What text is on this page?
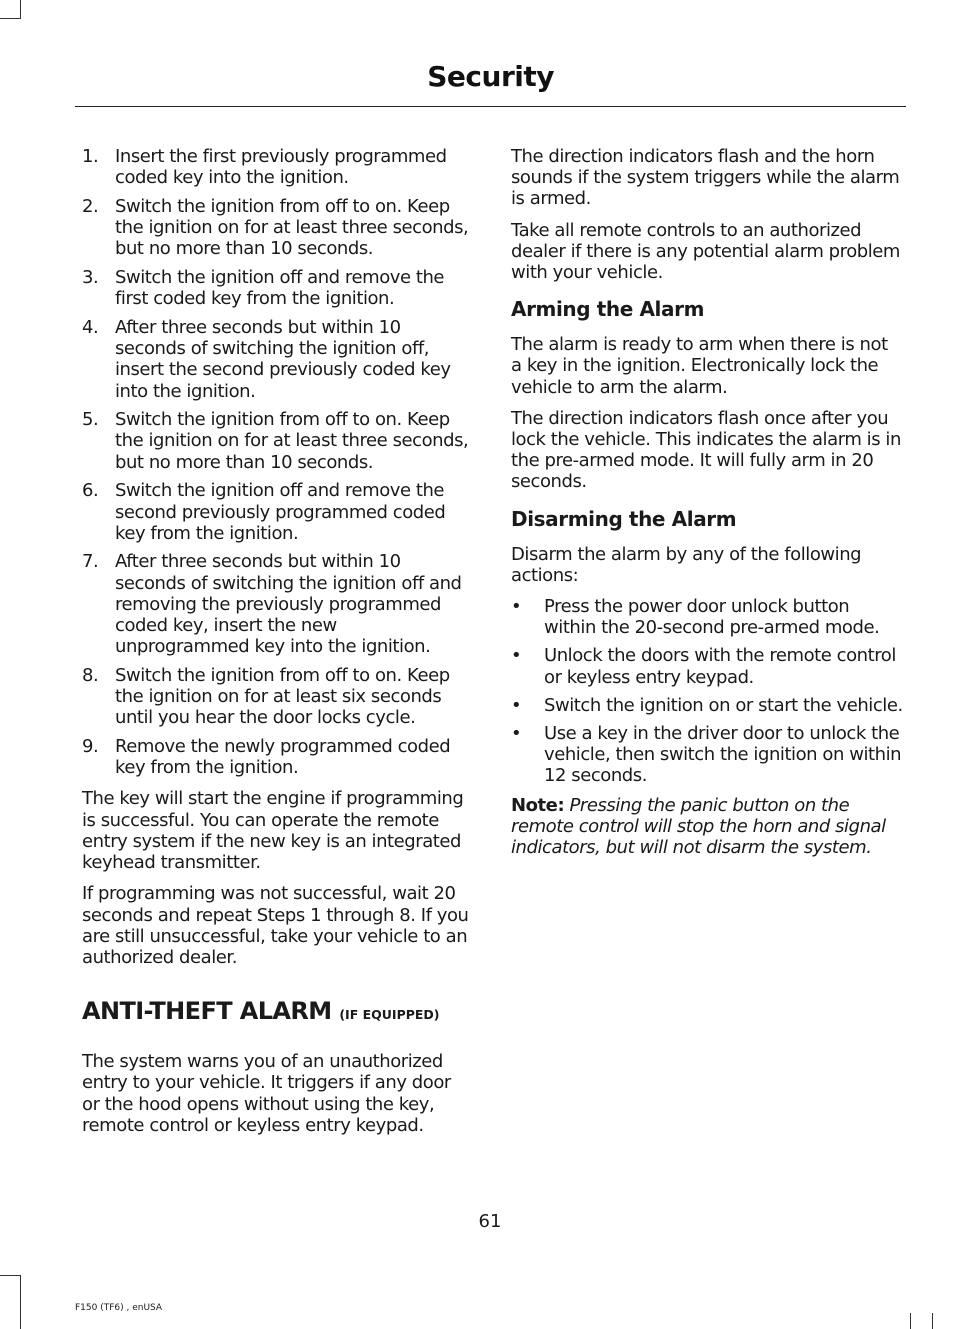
Security
1. Insert the first previously programmed coded key into the ignition.
2. Switch the ignition from off to on. Keep the ignition on for at least three seconds, but no more than 10 seconds.
3. Switch the ignition off and remove the first coded key from the ignition.
4. After three seconds but within 10 seconds of switching the ignition off, insert the second previously coded key into the ignition.
5. Switch the ignition from off to on. Keep the ignition on for at least three seconds, but no more than 10 seconds.
6. Switch the ignition off and remove the second previously programmed coded key from the ignition.
7. After three seconds but within 10 seconds of switching the ignition off and removing the previously programmed coded key, insert the new unprogrammed key into the ignition.
8. Switch the ignition from off to on. Keep the ignition on for at least six seconds until you hear the door locks cycle.
9. Remove the newly programmed coded key from the ignition.

The key will start the engine if programming is successful. You can operate the remote entry system if the new key is an integrated keyhead transmitter.

If programming was not successful, wait 20 seconds and repeat Steps 1 through 8. If you are still unsuccessful, take your vehicle to an authorized dealer.

ANTI-THEFT ALARM (IF EQUIPPED)

The system warns you of an unauthorized entry to your vehicle. It triggers if any door or the hood opens without using the key, remote control or keyless entry keypad.

The direction indicators flash and the horn sounds if the system triggers while the alarm is armed.

Take all remote controls to an authorized dealer if there is any potential alarm problem with your vehicle.

Arming the Alarm

The alarm is ready to arm when there is not a key in the ignition. Electronically lock the vehicle to arm the alarm.

The direction indicators flash once after you lock the vehicle. This indicates the alarm is in the pre-armed mode. It will fully arm in 20 seconds.

Disarming the Alarm

Disarm the alarm by any of the following actions:

•	Press the power door unlock button within the 20-second pre-armed mode.
•	Unlock the doors with the remote control or keyless entry keypad.
•	Switch the ignition on or start the vehicle.
•	Use a key in the driver door to unlock the vehicle, then switch the ignition on within 12 seconds.

Note: Pressing the panic button on the remote control will stop the horn and signal indicators, but will not disarm the system.

61
F150 (TF6) , enUSA
